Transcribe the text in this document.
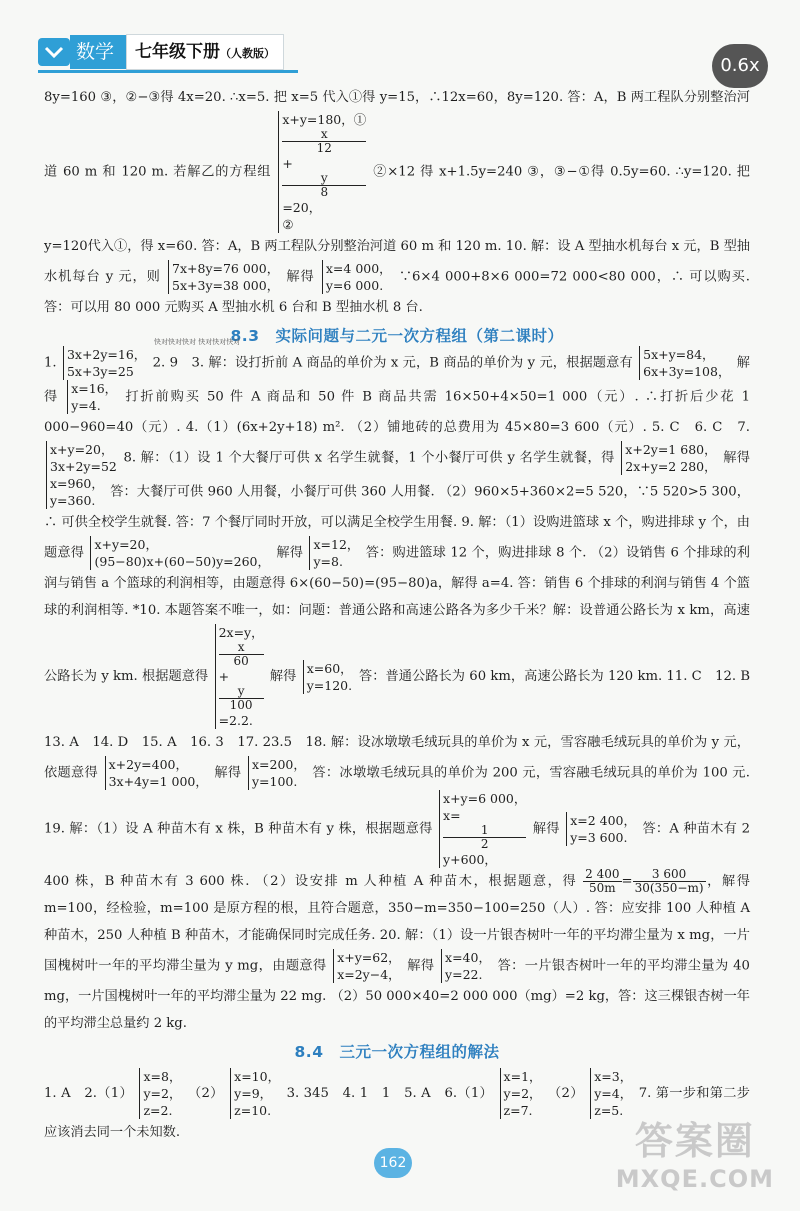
数学	七年级下册（人教版）
0.6x

8y=160 ③，②−③得 4x=20. ∴x=5. 把 x=5 代入①得 y=15，∴12x=60，8y=120. 答：A，B 两工程队分别整治河道 60 m 和 120 m. 若解乙的方程组
x+y=180，①
x
12
+
y
8
=20，
②
②×12 得 x+1.5y=240 ③，③−①得 0.5y=60. ∴y=120. 把 y=120代入①，得 x=60. 答：A，B 两工程队分别整治河道 60 m 和 120 m. 10. 解：设 A 型抽水机每台 x 元，B 型抽水机每台 y 元，则
7x+8y=76 000，
5x+3y=38 000，
解得
x=4 000，
y=6 000.
∵6×4 000+8×6 000=72 000<80 000，∴ 可以购买. 答：可以用 80 000 元购买 A 型抽水机 6 台和 B 型抽水机 8 台.

8.3　实际问题与二元一次方程组（第二课时）
快对快对快对 快对快对快对

1.
3x+2y=16，
5x+3y=25
2. 9　3. 解：设打折前 A 商品的单价为 x 元，B 商品的单价为 y 元，根据题意有
5x+y=84，
6x+3y=108，
解得
x=16，
y=4.
打折前购买 50 件 A 商品和 50 件 B 商品共需 16×50+4×50=1 000（元）. ∴打折后少花 1 000−960=40（元）. 4.（1）(6x+2y+18) m². （2）铺地砖的总费用为 45×80=3 600（元）. 5. C　6. C　7.
x+y=20，
3x+2y=52
8. 解：（1）设 1 个大餐厅可供 x 名学生就餐，1 个小餐厅可供 y 名学生就餐，得
x+2y=1 680，
2x+y=2 280，
解得
x=960，
y=360.
答：大餐厅可供 960 人用餐，小餐厅可供 360 人用餐. （2）960×5+360×2=5 520，∵5 520>5 300，∴ 可供全校学生就餐. 答：7 个餐厅同时开放，可以满足全校学生用餐. 9. 解：（1）设购进篮球 x 个，购进排球 y 个，由题意得
x+y=20，
(95−80)x+(60−50)y=260，
解得
x=12，
y=8.
答：购进篮球 12 个，购进排球 8 个. （2）设销售 6 个排球的利润与销售 a 个篮球的利润相等，由题意得 6×(60−50)=(95−80)a，解得 a=4. 答：销售 6 个排球的利润与销售 4 个篮球的利润相等. *10. 本题答案不唯一，如：问题：普通公路和高速公路各为多少千米？解：设普通公路长为 x km，高速公路长为 y km. 根据题意得
2x=y，
x
60
+
y
100
=2.2.
解得
x=60，
y=120.
答：普通公路长为 60 km，高速公路长为 120 km. 11. C　12. B　13. A　14. D　15. A　16. 3　17. 23.5　18. 解：设冰墩墩毛绒玩具的单价为 x 元，雪容融毛绒玩具的单价为 y 元，依题意得
x+2y=400，
3x+4y=1 000，
解得
x=200，
y=100.
答：冰墩墩毛绒玩具的单价为 200 元，雪容融毛绒玩具的单价为 100 元. 19. 解：（1）设 A 种苗木有 x 株，B 种苗木有 y 株，根据题意得
x+y=6 000，
x=
1
2
y+600，
解得
x=2 400，
y=3 600.
答：A 种苗木有 2 400 株，B 种苗木有 3 600 株. （2）设安排 m 人种植 A 种苗木，根据题意，得 $\frac{2 400}{50m} = \frac{3 600}{30(350-m)}$ ，解得 m=100，经检验，m=100 是原方程的根，且符合题意，350−m=350−100=250（人）. 答：应安排 100 人种植 A 种苗木，250 人种植 B 种苗木，才能确保同时完成任务. 20. 解：（1）设一片银杏树叶一年的平均滞尘量为 x mg，一片国槐树叶一年的平均滞尘量为 y mg，由题意得
x+y=62，
x=2y−4，
解得
x=40，
y=22.
答：一片银杏树叶一年的平均滞尘量为 40 mg，一片国槐树叶一年的平均滞尘量为 22 mg. （2）50 000×40=2 000 000（mg）=2 kg，答：这三棵银杏树一年的平均滞尘总量约 2 kg.

8.4　三元一次方程组的解法

1. A　2.（1）
x=8，
y=2，
z=2.
（2）
x=10，
y=9，
z=10.
3. 345　4. 1　1　5. A　6.（1）
x=1，
y=2，
z=7.
（2）
x=3，
y=4，
z=5.
7. 第一步和第二步应该消去同一个未知数.

162	答案圈
MXQE.COM
